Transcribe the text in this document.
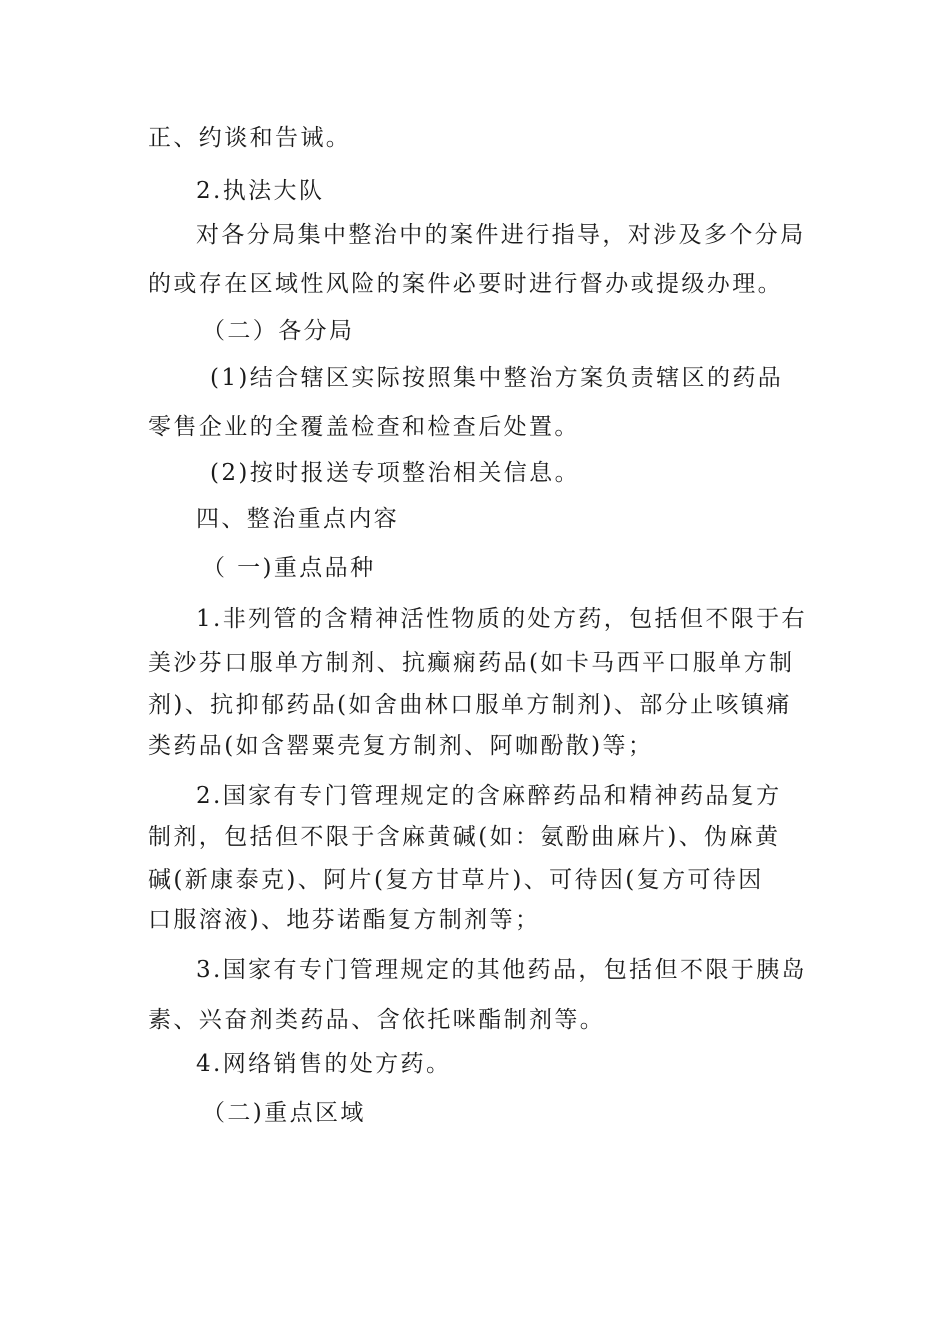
正、约谈和告诫。
2.执法大队
对各分局集中整治中的案件进行指导，对涉及多个分局
的或存在区域性风险的案件必要时进行督办或提级办理。
（二）各分局
(1)结合辖区实际按照集中整治方案负责辖区的药品
零售企业的全覆盖检查和检查后处置。
(2)按时报送专项整治相关信息。
四、整治重点内容
（ 一)重点品种
1.非列管的含精神活性物质的处方药，包括但不限于右
美沙芬口服单方制剂、抗癫痫药品(如卡马西平口服单方制
剂)、抗抑郁药品(如舍曲林口服单方制剂)、部分止咳镇痛
类药品(如含罂粟壳复方制剂、阿咖酚散)等；
2.国家有专门管理规定的含麻醉药品和精神药品复方
制剂，包括但不限于含麻黄碱(如：氨酚曲麻片)、伪麻黄
碱(新康泰克)、阿片(复方甘草片)、可待因(复方可待因
口服溶液)、地芬诺酯复方制剂等；
3.国家有专门管理规定的其他药品，包括但不限于胰岛
素、兴奋剂类药品、含依托咪酯制剂等。
4.网络销售的处方药。
（二)重点区域
